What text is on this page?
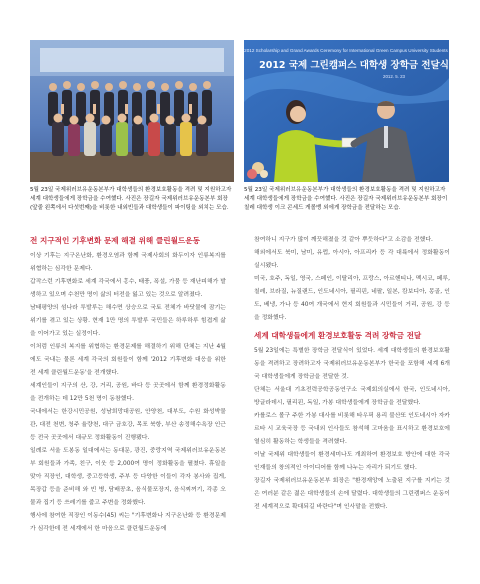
2012 Scholarship and Grand Awards Ceremony for International Green Campus University Students
2012 국제 그린캠퍼스 대학생 장학금 전달식
2012. 5. 23
5월 23일 국제위러브유운동본부가 대학생들의 환경보호활동을 격려 및 지원하고자 세계 대학생들에게 장학금을 수여했다. 사진은 장길자 국제위러브유운동본부 회장(앞줄 왼쪽에서 다섯번째)을 비롯한 내외빈들과 대학생들이 파이팅을 외치는 모습.
5월 23일 국제위러브유운동본부가 대학생들의 환경보호활동을 격려 및 지원하고자 세계 대학생들에게 장학금을 수여했다. 사진은 장길자 국제위러브유운동본부 회장이 칠레 대학생 이크 콘세드 게볼뱅 외에게 장학금을 전달하는 모습.
전 지구적인 기후변화 문제 해결 위해 클린월드운동

이상 기후는 지구온난화, 환경오염과 함께 국제사회의 화두이자 인류복지를 위협하는 심각한 문제다.

갑작스런 기후변화로 세계 각국에서 홍수, 태풍, 폭설, 가뭄 등 재난피해가 발생하고 있으며 수천만 명이 삶의 터전을 잃고 있는 것으로 알려졌다.

남태평양의 섬나라 투발루는 해수면 상승으로 국토 전체가 바닷물에 잠기는 위기를 겪고 있는 상황. 현재 1만 명의 투발루 국민들은 하루하루 힘겹게 삶을 이어가고 있는 실정이다.

이처럼 인류의 복지를 위협하는 환경문제를 해결하기 위해 단체는 지난 4월에도 국내는 물론 세계 각국의 회원들이 함께 '2012 기후변화 대응을 위한 전 세계 클린월드운동'을 전개했다.

세계인들이 지구의 산, 강, 거리, 공원, 바다 등 곳곳에서 함께 환경정화활동을 전개하는 데 12만 5천 명이 동참했다.

국내에서는 한강시민공원, 성남희망대공원, 안양천, 대부도, 수원 화성박물관, 대전 천변, 청주 율량천, 대구 금호강, 목포 북항, 부산 송정해수욕장 인근 등 전국 곳곳에서 대규모 정화활동이 진행됐다.

일례로 서울 도봉동 일대에서는 동대문, 광진, 중랑지역 국제위러브유운동본부 회원들과 가족, 친구, 이웃 등 2,000여 명이 정화활동을 펼쳤다. 휴일을 맞아 직장인, 대학생, 중고등학생, 주부 등 다양한 이들이 각자 봉사와 집게, 목장갑 등을 준비해 와 빈 병, 담배꽁초, 음식물포장지, 음식찌꺼기, 각종 오물과 집기 등 쓰레기를 줍고 주변을 정화했다.

행사에 참여한 직장인 이동수(45) 씨는 "기후변화나 지구온난화 등 환경문제가 심각한데 전 세계에서 한 마음으로 클린월드운동에

참여하니 지구가 많이 깨끗해졌을 것 같아 뿌듯하다"고 소감을 전했다.

해외에서도 북미, 남미, 유럽, 아시아, 아프리카 등 각 대륙에서 정화활동이 실시됐다.

미국, 호주, 독일, 영국, 스페인, 이탈리아, 프랑스, 아르헨티나, 멕시코, 페루, 칠레, 브라질, 뉴질랜드, 인도네시아, 필리핀, 네팔, 일본, 캄보디아, 몽골, 인도, 베냉, 가나 등 40여 개국에서 현지 회원들과 시민들이 거리, 공원, 강 등을 정화했다.

세계 대학생들에게 환경보호활동 격려 장학금 전달

5월 23일에는 특별한 장학금 전달식이 있었다. 세계 대학생들의 환경보호활동을 격려하고 장려하고자 국제위러브유운동본부가 한국을 포함해 세계 6개국 대학생들에게 장학금을 전달한 것.

단체는 서울대 기초전력공학공동연구소 국제회의실에서 한국, 인도네시아, 방글라데시, 필리핀, 독일, 가봉 대학생들에게 장학금을 전달했다.

카를로스 볼구 주한 가봉 대사를 비롯해 타우픽 용리 불산또 인도네시아 자카르타 시 교육국장 등 국내외 인사들도 참석해 고마움을 표시하고 환경보호에 열심히 활동하는 학생들을 격려했다.

이날 국제위 대학생들이 환경세미나도 개최하여 환경보호 방안에 대한 각국 인재들의 창의적인 아이디어를 함께 나누는 자리가 되기도 했다.

장길자 국제위러브유운동본부 회장은 "환경재앙에 노출된 지구를 지키는 것은 여러분 같은 젊은 대학생들의 손에 달렸다. 대학생들의 그린캠퍼스 운동이 전 세계적으로 확대되길 바란다"며 인사말을 전했다.
